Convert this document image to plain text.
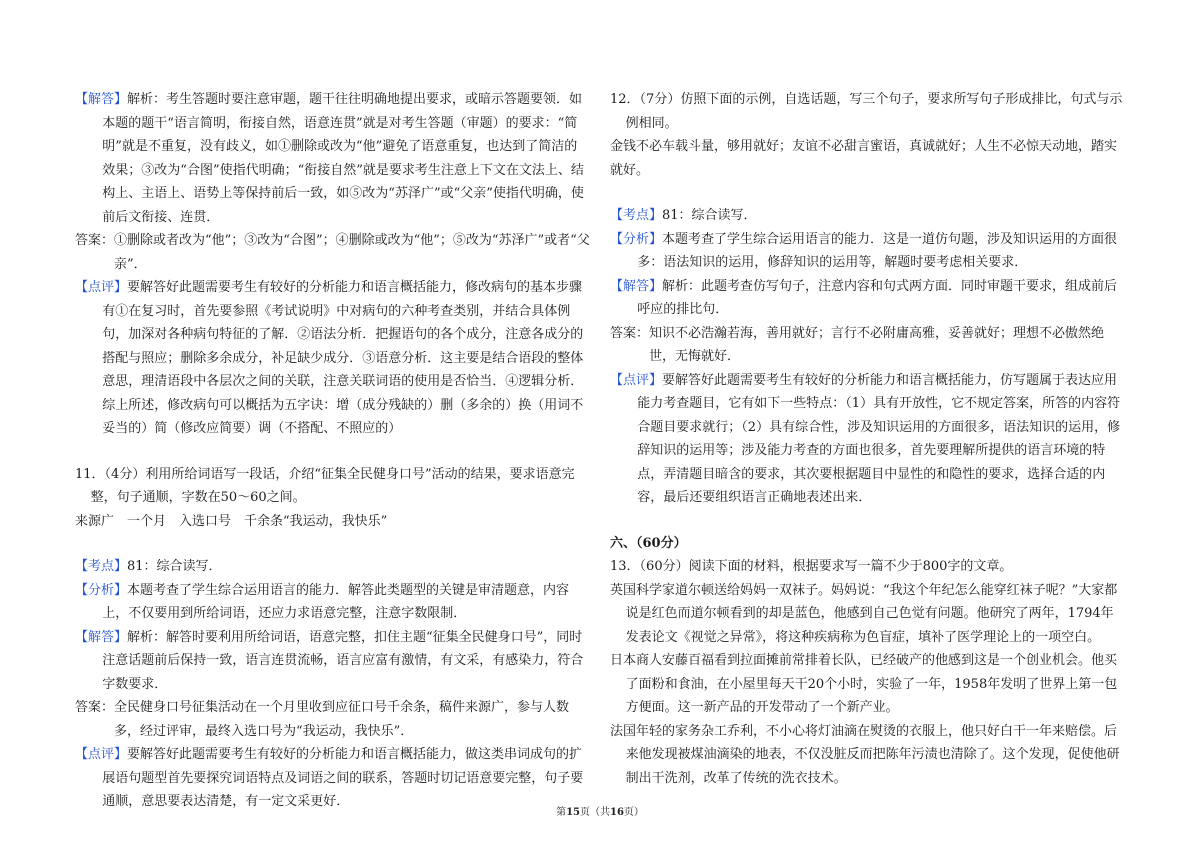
【解答】解析：考生答题时要注意审题，题干往往明确地提出要求，或暗示答题要领．如本题的题干“语言简明，衔接自然，语意连贯”就是对考生答题（审题）的要求：“简明”就是不重复，没有歧义，如①删除或改为“他”避免了语意重复，也达到了简洁的效果；③改为“合图”使指代明确；“衔接自然”就是要求考生注意上下文在文法上、结构上、主语上、语势上等保持前后一致，如⑤改为“苏泽广”或“父亲”使指代明确，使前后文衔接、连贯．
答案：①删除或者改为“他”；③改为“合图”；④删除或改为“他”；⑤改为“苏泽广”或者“父亲”．
【点评】要解答好此题需要考生有较好的分析能力和语言概括能力，修改病句的基本步骤有①在复习时，首先要参照《考试说明》中对病句的六种考查类别，并结合具体例句，加深对各种病句特征的了解．②语法分析．把握语句的各个成分，注意各成分的搭配与照应；删除多余成分，补足缺少成分．③语意分析．这主要是结合语段的整体意思，理清语段中各层次之间的关联，注意关联词语的使用是否恰当．④逻辑分析．综上所述，修改病句可以概括为五字诀：增（成分残缺的）删（多余的）换（用词不妥当的）简（修改应简要）调（不搭配、不照应的）
11．（4分）利用所给词语写一段话，介绍“征集全民健身口号”活动的结果，要求语意完整，句子通顺，字数在50～60之间。
来源广　一个月　入选口号　千余条“我运动，我快乐”
【考点】81：综合读写．
【分析】本题考查了学生综合运用语言的能力．解答此类题型的关键是审清题意，内容上，不仅要用到所给词语，还应力求语意完整，注意字数限制．
【解答】解析：解答时要利用所给词语，语意完整，扣住主题“征集全民健身口号”，同时注意话题前后保持一致，语言连贯流畅，语言应富有激情，有文采，有感染力，符合字数要求．
答案：全民健身口号征集活动在一个月里收到应征口号千余条，稿件来源广，参与人数多，经过评审，最终入选口号为“我运动，我快乐”．
【点评】要解答好此题需要考生有较好的分析能力和语言概括能力，做这类串词成句的扩展语句题型首先要探究词语特点及词语之间的联系，答题时切记语意要完整，句子要通顺，意思要表达清楚，有一定文采更好．
12．（7分）仿照下面的示例，自选话题，写三个句子，要求所写句子形成排比，句式与示例相同。
金钱不必车载斗量，够用就好；友谊不必甜言蜜语，真诚就好；人生不必惊天动地，踏实就好。
【考点】81：综合读写．
【分析】本题考查了学生综合运用语言的能力．这是一道仿句题，涉及知识运用的方面很多：语法知识的运用，修辞知识的运用等，解题时要考虑相关要求．
【解答】解析：此题考查仿写句子，注意内容和句式两方面．同时审题干要求，组成前后呼应的排比句．
答案：知识不必浩瀚若海，善用就好；言行不必附庸高雅，妥善就好；理想不必傲然绝世，无悔就好．
【点评】要解答好此题需要考生有较好的分析能力和语言概括能力，仿写题属于表达应用能力考查题目，它有如下一些特点：（1）具有开放性，它不规定答案，所答的内容符合题目要求就行；（2）具有综合性，涉及知识运用的方面很多，语法知识的运用，修辞知识的运用等；涉及能力考查的方面也很多，首先要理解所提供的语言环境的特点，弄清题目暗含的要求，其次要根据题目中显性的和隐性的要求，选择合适的内容，最后还要组织语言正确地表述出来．
六、（60分）
13．（60分）阅读下面的材料，根据要求写一篇不少于800字的文章。
英国科学家道尔顿送给妈妈一双袜子。妈妈说：“我这个年纪怎么能穿红袜子呢？”大家都说是红色而道尔顿看到的却是蓝色，他感到自己色觉有问题。他研究了两年，1794年发表论文《视觉之异常》，将这种疾病称为色盲症，填补了医学理论上的一项空白。
日本商人安藤百福看到拉面摊前常排着长队，已经破产的他感到这是一个创业机会。他买了面粉和食油，在小屋里每天干20个小时，实验了一年，1958年发明了世界上第一包方便面。这一新产品的开发带动了一个新产业。
法国年轻的家务杂工乔利，不小心将灯油滴在熨烫的衣服上，他只好白干一年来赔偿。后来他发现被煤油滴染的地表，不仅没脏反而把陈年污渍也清除了。这个发现，促使他研制出干洗剂，改革了传统的洗衣技术。
第15页（共16页）
